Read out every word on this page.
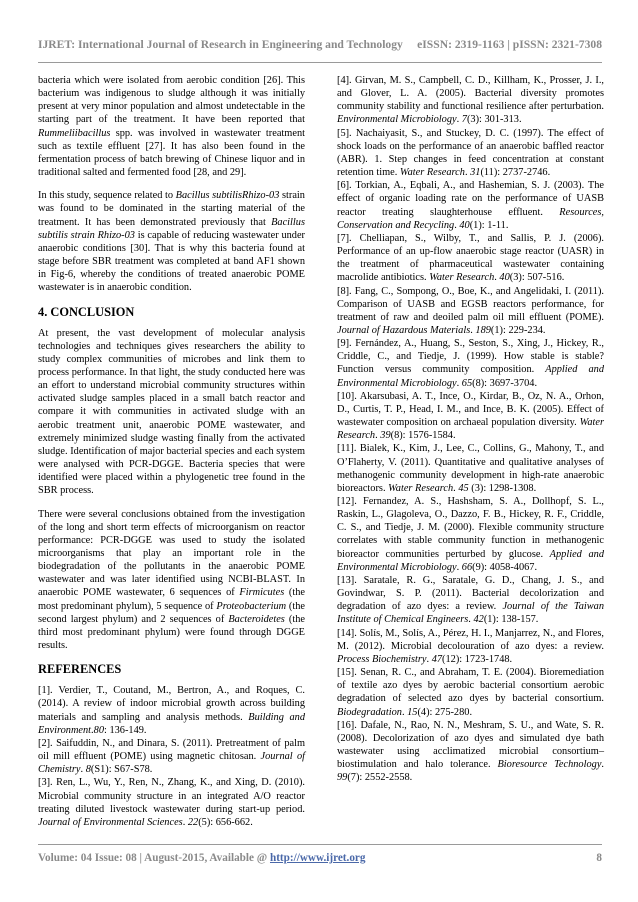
IJRET: International Journal of Research in Engineering and Technology eISSN: 2319-1163 | pISSN: 2321-7308

bacteria which were isolated from aerobic condition [26]. This bacterium was indigenous to sludge although it was initially present at very minor population and almost undetectable in the starting part of the treatment. It have been reported that Rummeliibacillus spp. was involved in wastewater treatment such as textile effluent [27]. It has also been found in the fermentation process of batch brewing of Chinese liquor and in traditional salted and fermented food [28, and 29].

In this study, sequence related to Bacillus subtilisRhizo-03 strain was found to be dominated in the starting material of the treatment. It has been demonstrated previously that Bacillus subtilis strain Rhizo-03 is capable of reducing wastewater under anaerobic conditions [30]. That is why this bacteria found at stage before SBR treatment was completed at band AF1 shown in Fig-6, whereby the conditions of treated anaerobic POME wastewater is in anaerobic condition.

4. CONCLUSION

At present, the vast development of molecular analysis technologies and techniques gives researchers the ability to study complex communities of microbes and link them to process performance. In that light, the study conducted here was an effort to understand microbial community structures within activated sludge samples placed in a small batch reactor and compare it with communities in activated sludge with an aerobic treatment unit, anaerobic POME wastewater, and extremely minimized sludge wasting finally from the activated sludge. Identification of major bacterial species and each system were analysed with PCR-DGGE. Bacteria species that were identified were placed within a phylogenetic tree found in the SBR process.

There were several conclusions obtained from the investigation of the long and short term effects of microorganism on reactor performance: PCR-DGGE was used to study the isolated microorganisms that play an important role in the biodegradation of the pollutants in the anaerobic POME wastewater and was later identified using NCBI-BLAST. In anaerobic POME wastewater, 6 sequences of Firmicutes (the most predominant phylum), 5 sequence of Proteobacterium (the second largest phylum) and 2 sequences of Bacteroidetes (the third most predominant phylum) were found through DGGE results.

REFERENCES

[1]. Verdier, T., Coutand, M., Bertron, A., and Roques, C. (2014). A review of indoor microbial growth across building materials and sampling and analysis methods. Building and Environment.80: 136-149.

[2]. Saifuddin, N., and Dinara, S. (2011). Pretreatment of palm oil mill effluent (POME) using magnetic chitosan. Journal of Chemistry. 8(S1): S67-S78.

[3]. Ren, L., Wu, Y., Ren, N., Zhang, K., and Xing, D. (2010). Microbial community structure in an integrated A/O reactor treating diluted livestock wastewater during start-up period. Journal of Environmental Sciences. 22(5): 656-662.

[4]. Girvan, M. S., Campbell, C. D., Killham, K., Prosser, J. I., and Glover, L. A. (2005). Bacterial diversity promotes community stability and functional resilience after perturbation. Environmental Microbiology. 7(3): 301-313.

[5]. Nachaiyasit, S., and Stuckey, D. C. (1997). The effect of shock loads on the performance of an anaerobic baffled reactor (ABR). 1. Step changes in feed concentration at constant retention time. Water Research. 31(11): 2737-2746.

[6]. Torkian, A., Eqbali, A., and Hashemian, S. J. (2003). The effect of organic loading rate on the performance of UASB reactor treating slaughterhouse effluent. Resources, Conservation and Recycling. 40(1): 1-11.

[7]. Chelliapan, S., Wilby, T., and Sallis, P. J. (2006). Performance of an up-flow anaerobic stage reactor (UASR) in the treatment of pharmaceutical wastewater containing macrolide antibiotics. Water Research. 40(3): 507-516.

[8]. Fang, C., Sompong, O., Boe, K., and Angelidaki, I. (2011). Comparison of UASB and EGSB reactors performance, for treatment of raw and deoiled palm oil mill effluent (POME). Journal of Hazardous Materials. 189(1): 229-234.

[9]. Fernández, A., Huang, S., Seston, S., Xing, J., Hickey, R., Criddle, C., and Tiedje, J. (1999). How stable is stable? Function versus community composition. Applied and Environmental Microbiology. 65(8): 3697-3704.

[10]. Akarsubasi, A. T., Ince, O., Kirdar, B., Oz, N. A., Orhon, D., Curtis, T. P., Head, I. M., and Ince, B. K. (2005). Effect of wastewater composition on archaeal population diversity. Water Research. 39(8): 1576-1584.

[11]. Bialek, K., Kim, J., Lee, C., Collins, G., Mahony, T., and O’Flaherty, V. (2011). Quantitative and qualitative analyses of methanogenic community development in high-rate anaerobic bioreactors. Water Research. 45 (3): 1298-1308.

[12]. Fernandez, A. S., Hashsham, S. A., Dollhopf, S. L., Raskin, L., Glagoleva, O., Dazzo, F. B., Hickey, R. F., Criddle, C. S., and Tiedje, J. M. (2000). Flexible community structure correlates with stable community function in methanogenic bioreactor communities perturbed by glucose. Applied and Environmental Microbiology. 66(9): 4058-4067.

[13]. Saratale, R. G., Saratale, G. D., Chang, J. S., and Govindwar, S. P. (2011). Bacterial decolorization and degradation of azo dyes: a review. Journal of the Taiwan Institute of Chemical Engineers. 42(1): 138-157.

[14]. Solís, M., Solís, A., Pérez, H. I., Manjarrez, N., and Flores, M. (2012). Microbial decolouration of azo dyes: a review. Process Biochemistry. 47(12): 1723-1748.

[15]. Senan, R. C., and Abraham, T. E. (2004). Bioremediation of textile azo dyes by aerobic bacterial consortium aerobic degradation of selected azo dyes by bacterial consortium. Biodegradation. 15(4): 275-280.

[16]. Dafale, N., Rao, N. N., Meshram, S. U., and Wate, S. R. (2008). Decolorization of azo dyes and simulated dye bath wastewater using acclimatized microbial consortium–biostimulation and halo tolerance. Bioresource Technology. 99(7): 2552-2558.

Volume: 04 Issue: 08 | August-2015, Available @ http://www.ijret.org	8
